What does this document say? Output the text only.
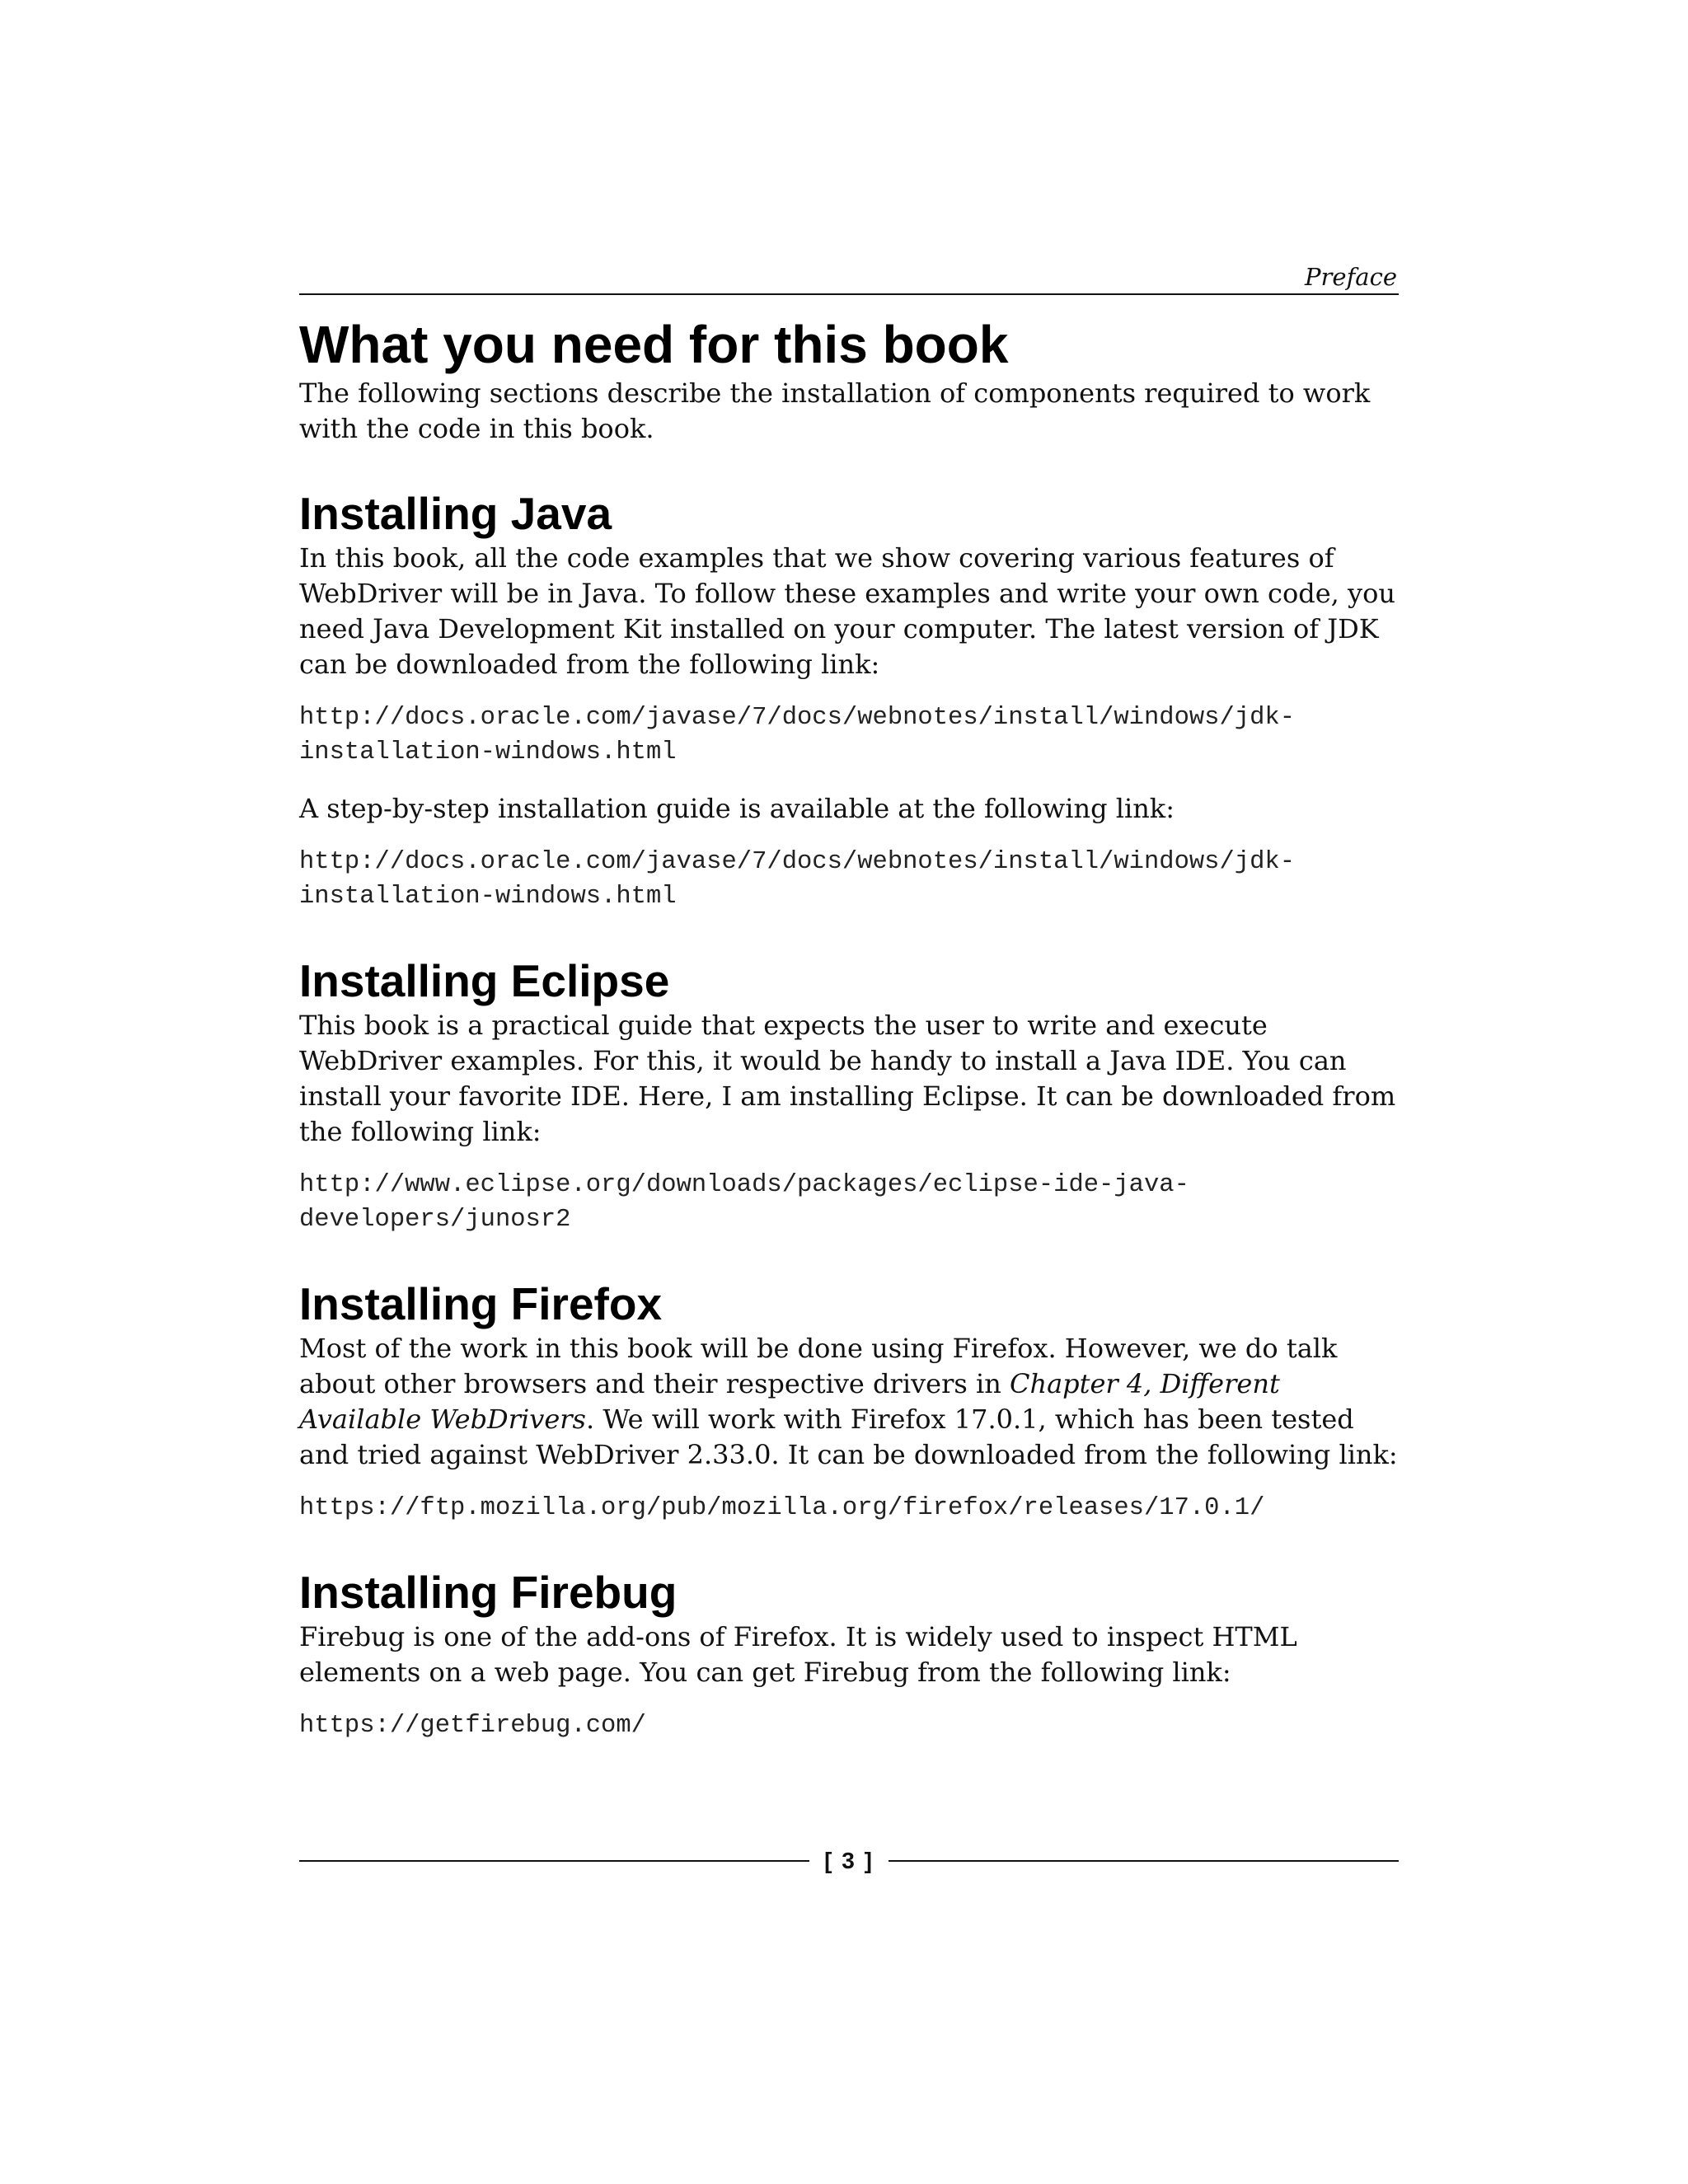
Preface
What you need for this book

The following sections describe the installation of components required to work with the code in this book.

Installing Java

In this book, all the code examples that we show covering various features of WebDriver will be in Java. To follow these examples and write your own code, you need Java Development Kit installed on your computer. The latest version of JDK can be downloaded from the following link:

http://docs.oracle.com/javase/7/docs/webnotes/install/windows/jdk-
installation-windows.html

A step-by-step installation guide is available at the following link:

http://docs.oracle.com/javase/7/docs/webnotes/install/windows/jdk-
installation-windows.html

Installing Eclipse

This book is a practical guide that expects the user to write and execute WebDriver examples. For this, it would be handy to install a Java IDE. You can install your favorite IDE. Here, I am installing Eclipse. It can be downloaded from the following link:

http://www.eclipse.org/downloads/packages/eclipse-ide-java-
developers/junosr2

Installing Firefox

Most of the work in this book will be done using Firefox. However, we do talk about other browsers and their respective drivers in Chapter 4, Different Available WebDrivers. We will work with Firefox 17.0.1, which has been tested and tried against WebDriver 2.33.0. It can be downloaded from the following link:

https://ftp.mozilla.org/pub/mozilla.org/firefox/releases/17.0.1/

Installing Firebug

Firebug is one of the add-ons of Firefox. It is widely used to inspect HTML elements on a web page. You can get Firebug from the following link:

https://getfirebug.com/

[ 3 ]
